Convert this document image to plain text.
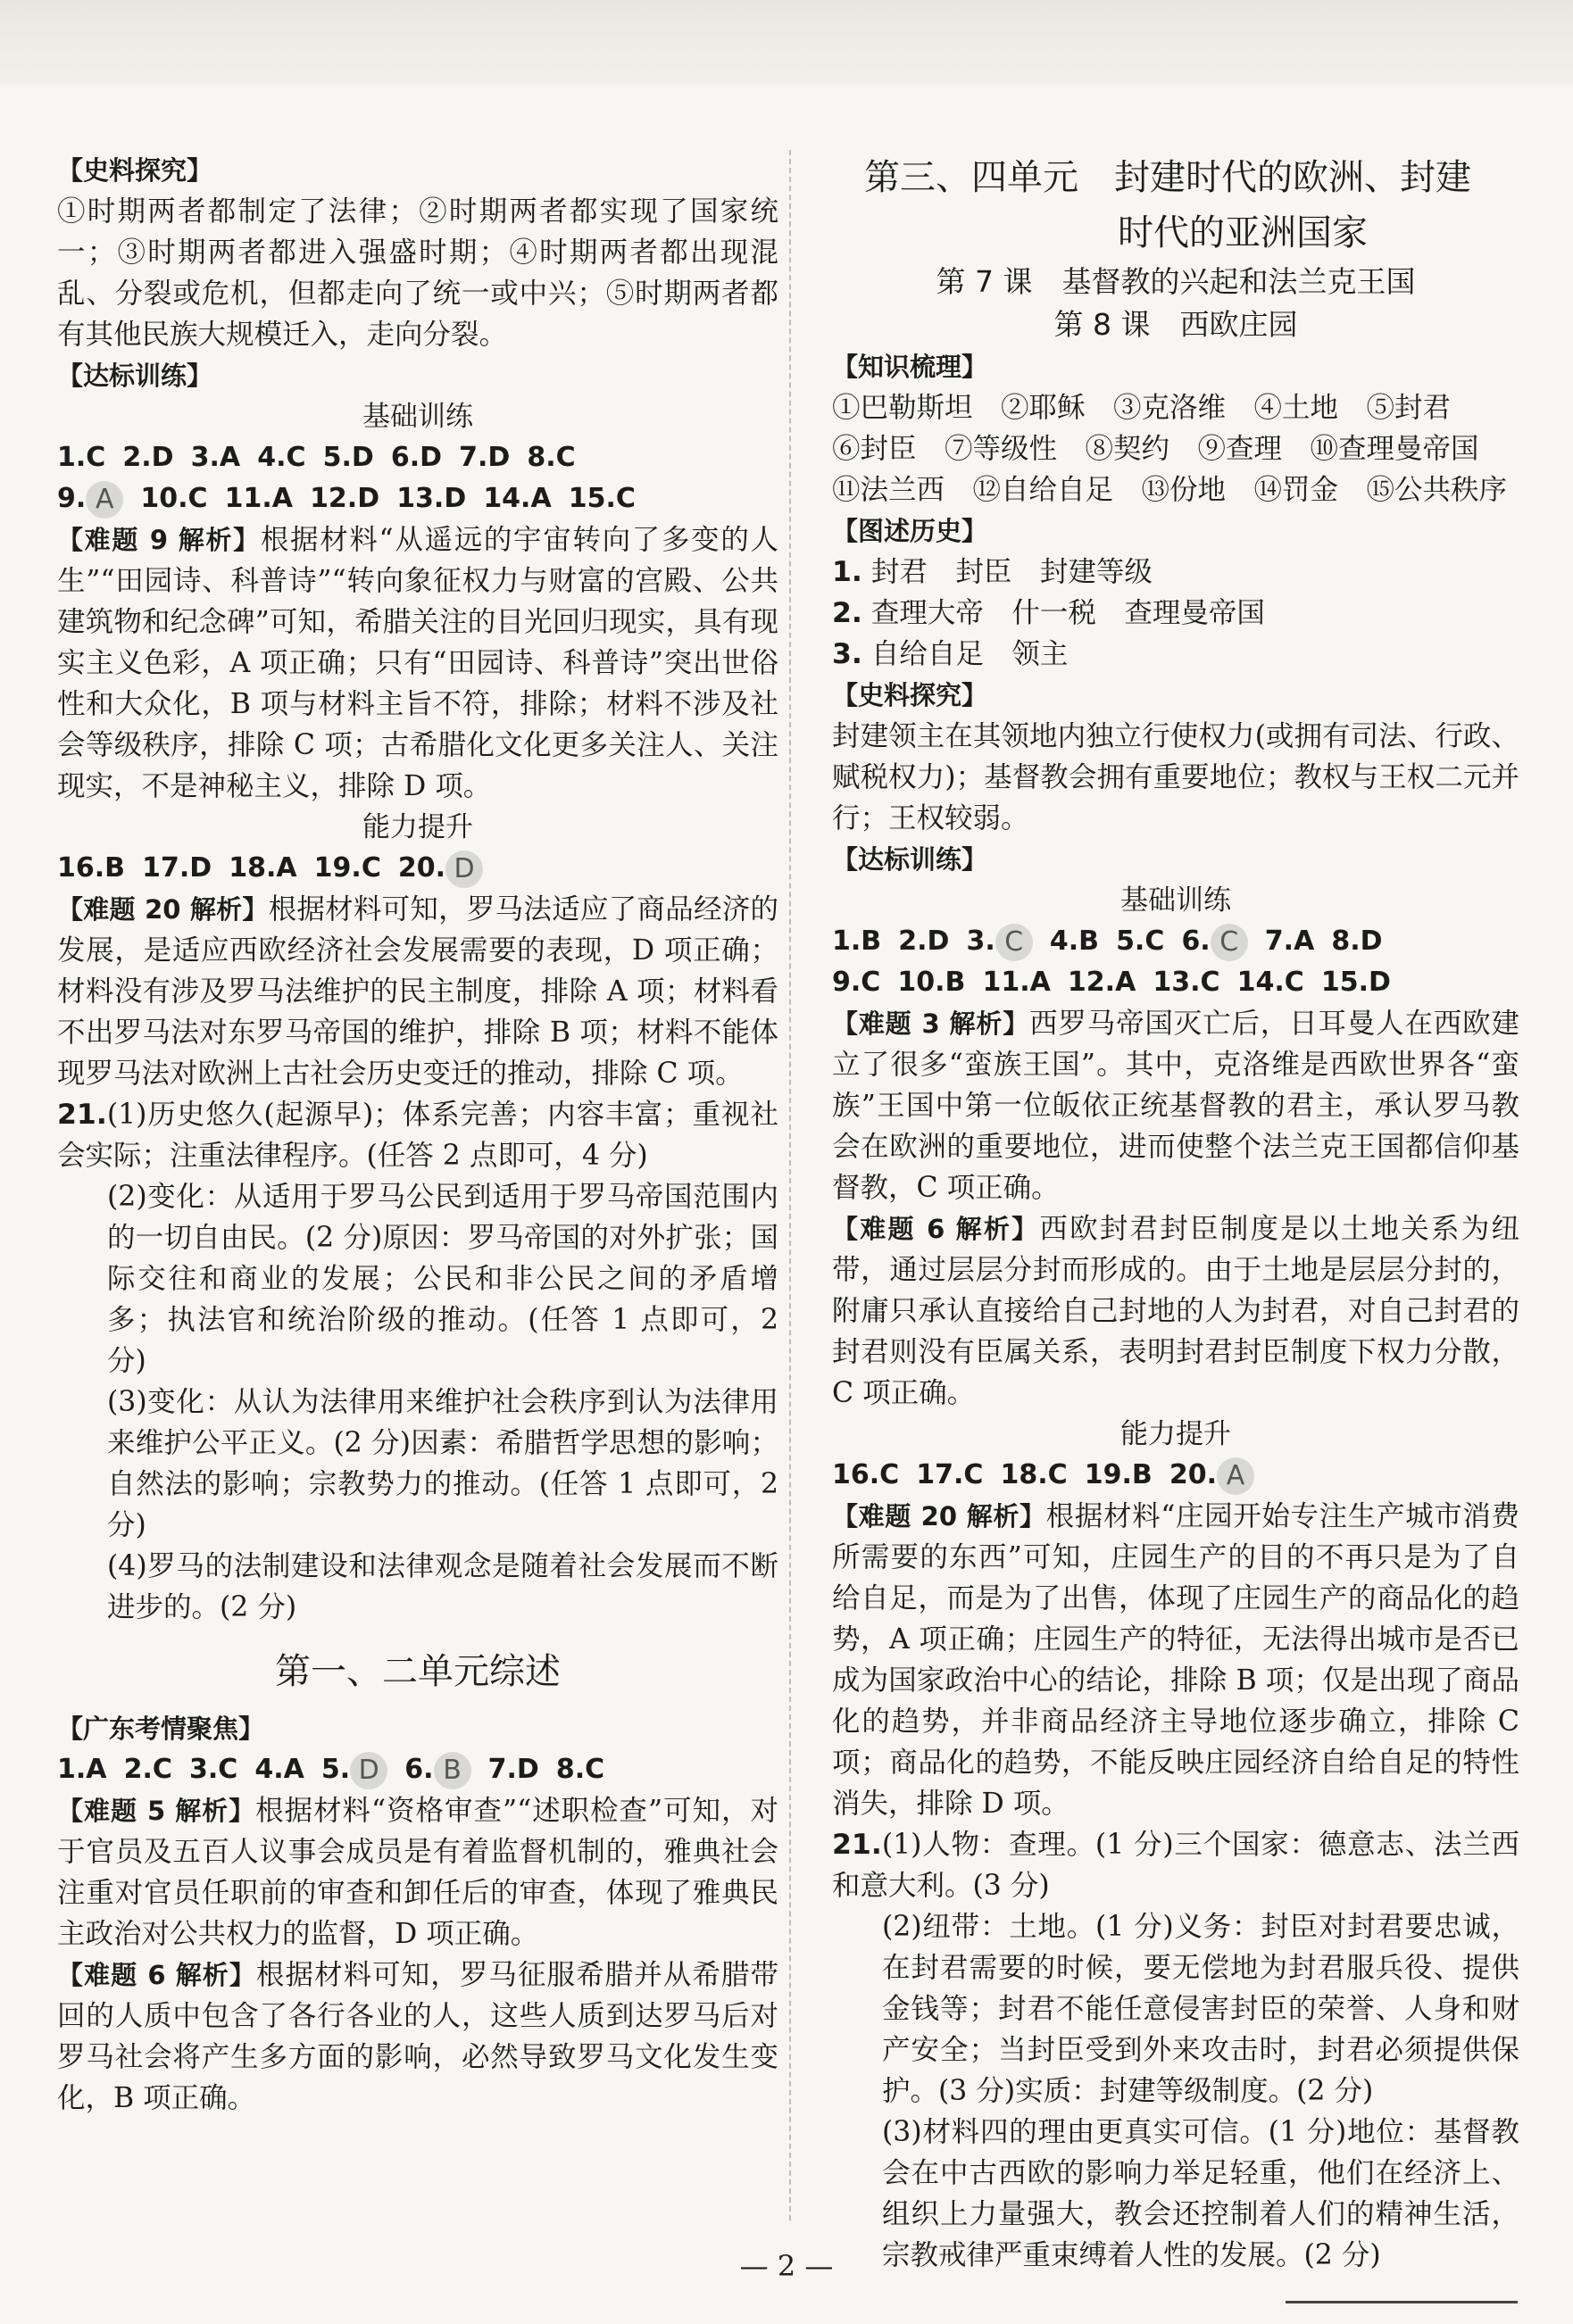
【史料探究】
①时期两者都制定了法律；②时期两者都实现了国家统一；③时期两者都进入强盛时期；④时期两者都出现混乱、分裂或危机，但都走向了统一或中兴；⑤时期两者都有其他民族大规模迁入，走向分裂。
【达标训练】
基础训练
1.C 2.D 3.A 4.C 5.D 6.D 7.D 8.C
9. A 10.C 11.A 12.D 13.D 14.A 15.C
【难题 9 解析】根据材料“从遥远的宇宙转向了多变的人生”“田园诗、科普诗”“转向象征权力与财富的宫殿、公共建筑物和纪念碑”可知，希腊关注的目光回归现实，具有现实主义色彩，A 项正确；只有“田园诗、科普诗”突出世俗性和大众化，B 项与材料主旨不符，排除；材料不涉及社会等级秩序，排除 C 项；古希腊化文化更多关注人、关注现实，不是神秘主义，排除 D 项。
能力提升
16.B 17.D 18.A 19.C 20. D
【难题 20 解析】根据材料可知，罗马法适应了商品经济的发展，是适应西欧经济社会发展需要的表现，D 项正确；材料没有涉及罗马法维护的民主制度，排除 A 项；材料看不出罗马法对东罗马帝国的维护，排除 B 项；材料不能体现罗马法对欧洲上古社会历史变迁的推动，排除 C 项。
21.(1)历史悠久(起源早)；体系完善；内容丰富；重视社会实际；注重法律程序。(任答 2 点即可，4 分)
(2)变化：从适用于罗马公民到适用于罗马帝国范围内的一切自由民。(2 分)原因：罗马帝国的对外扩张；国际交往和商业的发展；公民和非公民之间的矛盾增多；执法官和统治阶级的推动。(任答 1 点即可，2 分)
(3)变化：从认为法律用来维护社会秩序到认为法律用来维护公平正义。(2 分)因素：希腊哲学思想的影响；自然法的影响；宗教势力的推动。(任答 1 点即可，2 分)
(4)罗马的法制建设和法律观念是随着社会发展而不断进步的。(2 分)
第一、二单元综述
【广东考情聚焦】
1.A 2.C 3.C 4.A 5. D 6. B 7.D 8.C
【难题 5 解析】根据材料“资格审查”“述职检查”可知，对于官员及五百人议事会成员是有着监督机制的，雅典社会注重对官员任职前的审查和卸任后的审查，体现了雅典民主政治对公共权力的监督，D 项正确。
【难题 6 解析】根据材料可知，罗马征服希腊并从希腊带回的人质中包含了各行各业的人，这些人质到达罗马后对罗马社会将产生多方面的影响，必然导致罗马文化发生变化，B 项正确。
第三、四单元　封建时代的欧洲、封建
时代的亚洲国家
第 7 课　基督教的兴起和法兰克王国
第 8 课　西欧庄园
【知识梳理】
①巴勒斯坦　②耶稣　③克洛维　④土地　⑤封君
⑥封臣　⑦等级性　⑧契约　⑨查理　⑩查理曼帝国
⑪法兰西　⑫自给自足　⑬份地　⑭罚金　⑮公共秩序
【图述历史】
1. 封君　封臣　封建等级
2. 查理大帝　什一税　查理曼帝国
3. 自给自足　领主
【史料探究】
封建领主在其领地内独立行使权力(或拥有司法、行政、赋税权力)；基督教会拥有重要地位；教权与王权二元并行；王权较弱。
【达标训练】
基础训练
1.B 2.D 3. C 4.B 5.C 6. C 7.A 8.D
9.C 10.B 11.A 12.A 13.C 14.C 15.D
【难题 3 解析】西罗马帝国灭亡后，日耳曼人在西欧建立了很多“蛮族王国”。其中，克洛维是西欧世界各“蛮族”王国中第一位皈依正统基督教的君主，承认罗马教会在欧洲的重要地位，进而使整个法兰克王国都信仰基督教，C 项正确。
【难题 6 解析】西欧封君封臣制度是以土地关系为纽带，通过层层分封而形成的。由于土地是层层分封的，附庸只承认直接给自己封地的人为封君，对自己封君的封君则没有臣属关系，表明封君封臣制度下权力分散，C 项正确。
能力提升
16.C 17.C 18.C 19.B 20. A
【难题 20 解析】根据材料“庄园开始专注生产城市消费所需要的东西”可知，庄园生产的目的不再只是为了自给自足，而是为了出售，体现了庄园生产的商品化的趋势，A 项正确；庄园生产的特征，无法得出城市是否已成为国家政治中心的结论，排除 B 项；仅是出现了商品化的趋势，并非商品经济主导地位逐步确立，排除 C 项；商品化的趋势，不能反映庄园经济自给自足的特性消失，排除 D 项。
21.(1)人物：查理。(1 分)三个国家：德意志、法兰西和意大利。(3 分)
(2)纽带：土地。(1 分)义务：封臣对封君要忠诚，在封君需要的时候，要无偿地为封君服兵役、提供金钱等；封君不能任意侵害封臣的荣誉、人身和财产安全；当封臣受到外来攻击时，封君必须提供保护。(3 分)实质：封建等级制度。(2 分)
(3)材料四的理由更真实可信。(1 分)地位：基督教会在中古西欧的影响力举足轻重，他们在经济上、组织上力量强大，教会还控制着人们的精神生活，宗教戒律严重束缚着人性的发展。(2 分)
— 2 —
